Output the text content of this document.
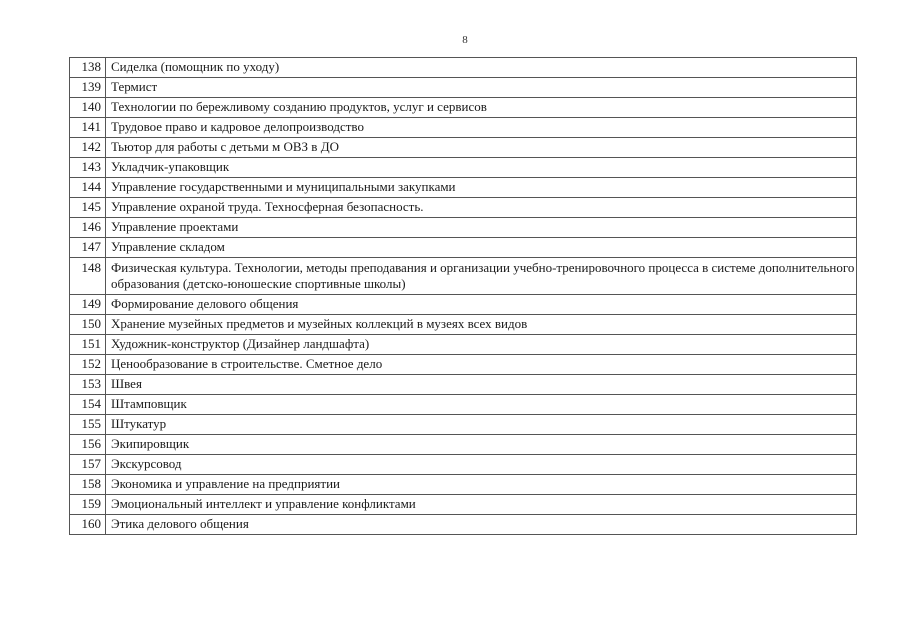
8
138	Сиделка (помощник по уходу)
139	Термист
140	Технологии по бережливому созданию продуктов, услуг и сервисов
141	Трудовое право и кадровое делопроизводство
142	Тьютор для работы с детьми м ОВЗ в ДО
143	Укладчик-упаковщик
144	Управление государственными и муниципальными закупками
145	Управление охраной труда. Техносферная безопасность.
146	Управление проектами
147	Управление складом
148	Физическая культура. Технологии, методы преподавания и организации учебно-тренировочного процесса в системе дополнительного образования (детско-юношеские спортивные школы)
149	Формирование делового общения
150	Хранение музейных предметов и музейных коллекций в музеях всех видов
151	Художник-конструктор (Дизайнер ландшафта)
152	Ценообразование в строительстве. Сметное дело
153	Швея
154	Штамповщик
155	Штукатур
156	Экипировщик
157	Экскурсовод
158	Экономика и управление на предприятии
159	Эмоциональный интеллект и управление конфликтами
160	Этика делового общения
